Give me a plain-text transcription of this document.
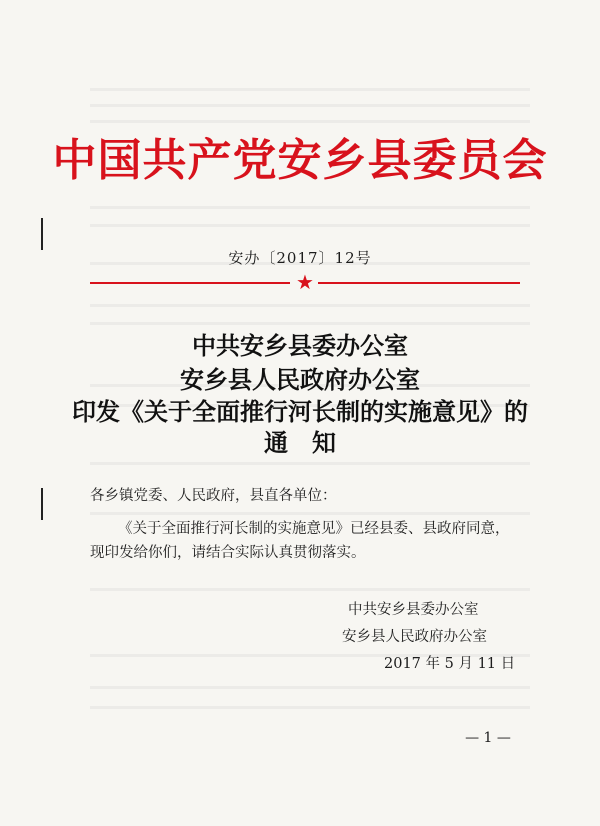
中国共产党安乡县委员会
安办〔2017〕12号
★
中共安乡县委办公室
安乡县人民政府办公室
印发《关于全面推行河长制的实施意见》的
通　知
各乡镇党委、人民政府，县直各单位：
《关于全面推行河长制的实施意见》已经县委、县政府同意，
现印发给你们，请结合实际认真贯彻落实。
中共安乡县委办公室
安乡县人民政府办公室
2017 年 5 月 11 日
— 1 —
